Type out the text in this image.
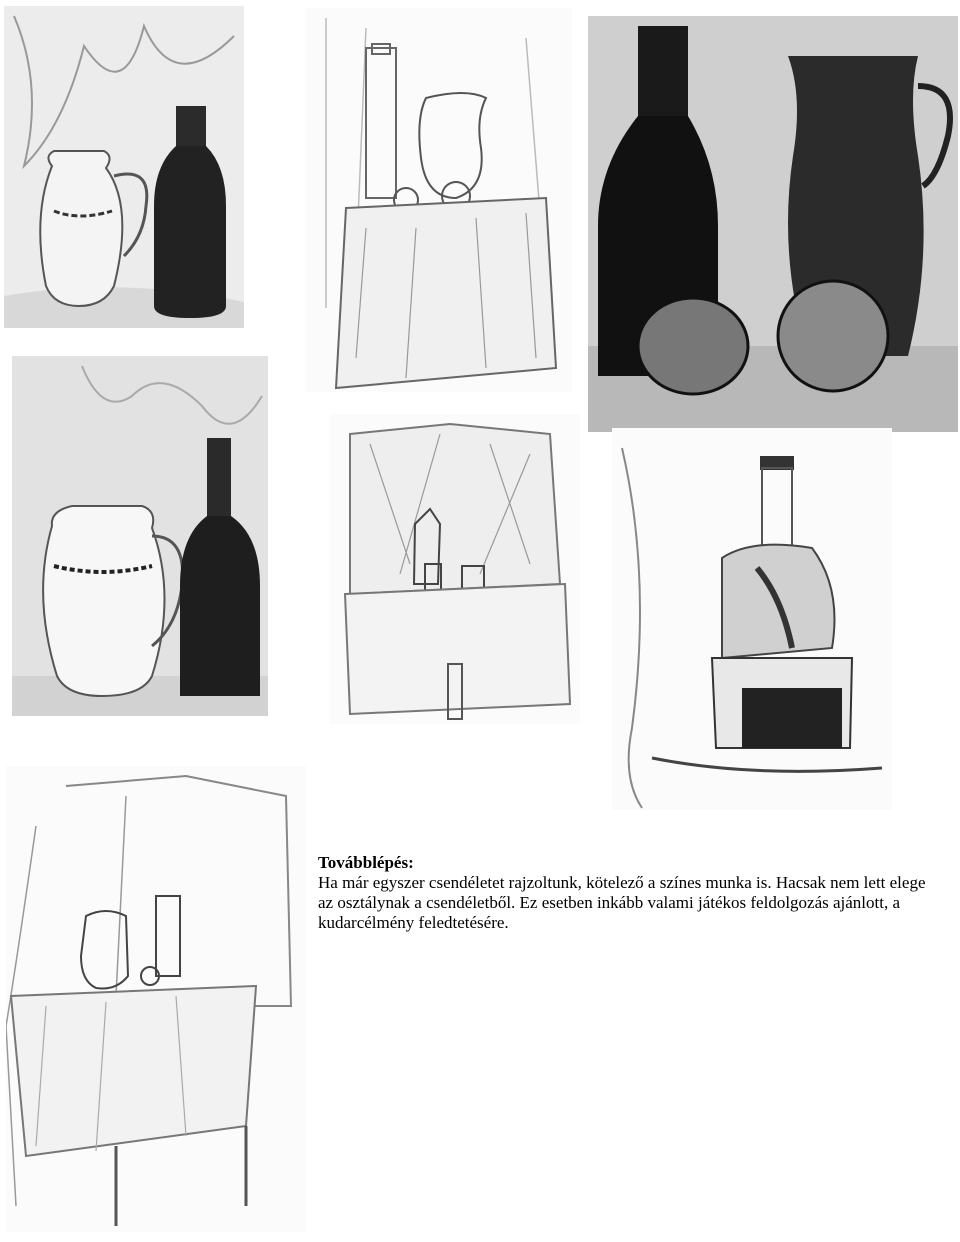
Továbblépés:

Ha már egyszer csendéletet rajzoltunk, kötelező a színes munka is. Hacsak nem lett elege az osztálynak a csendéletből. Ez esetben inkább valami játékos feldolgozás ajánlott, a kudarcélmény feledtetésére.
